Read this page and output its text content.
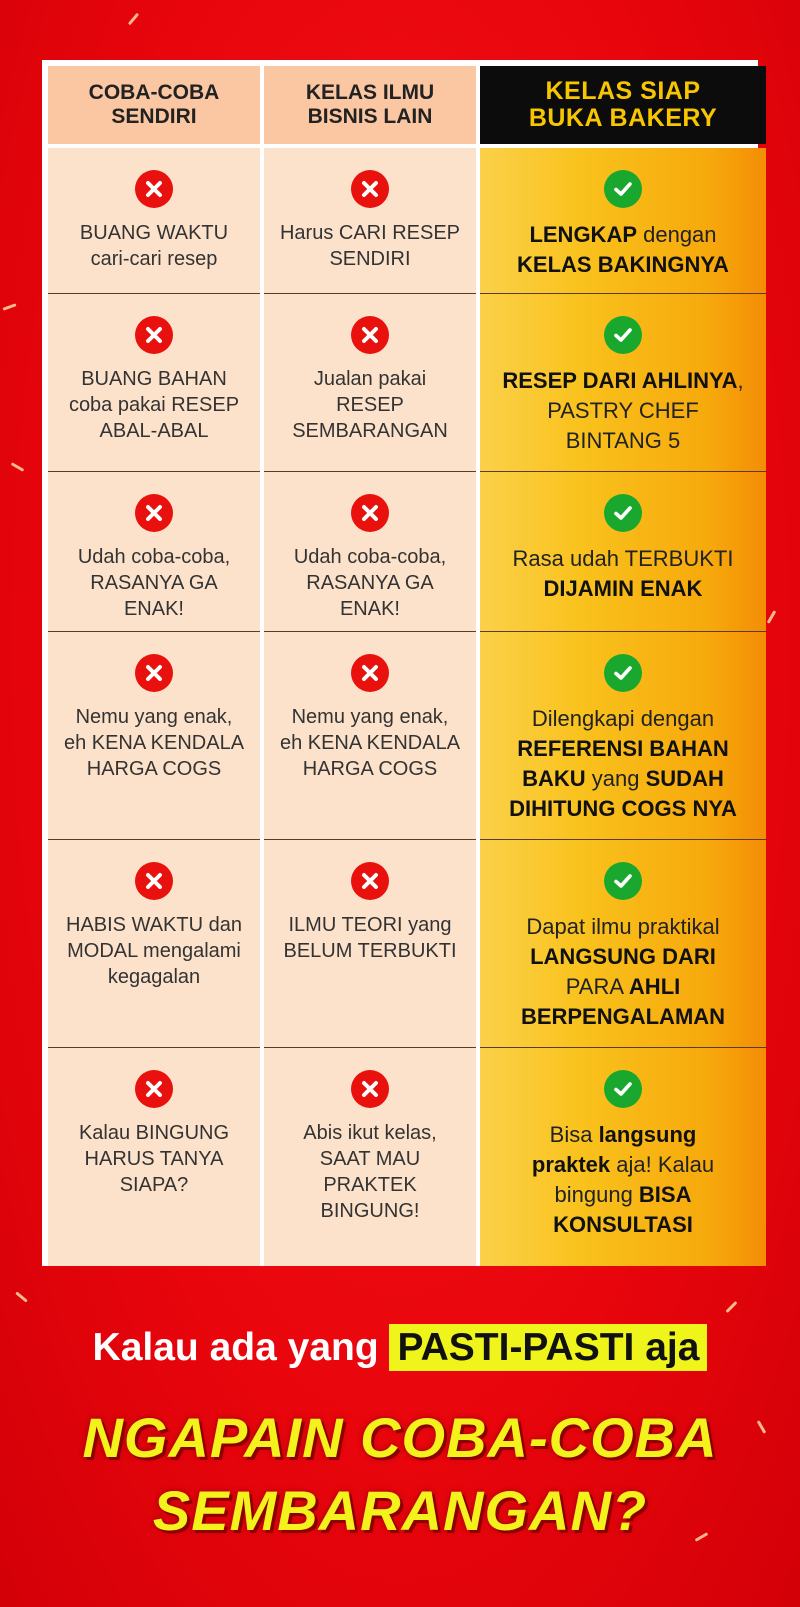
COBA-COBA
SENDIRI
KELAS ILMU
BISNIS LAIN
KELAS SIAP
BUKA BAKERY
BUANG WAKTU
cari-cari resep
Harus CARI RESEP
SENDIRI
LENGKAP dengan
KELAS BAKINGNYA
BUANG BAHAN
coba pakai RESEP
ABAL-ABAL
Jualan pakai
RESEP
SEMBARANGAN
RESEP DARI AHLINYA,
PASTRY CHEF
BINTANG 5
Udah coba-coba,
RASANYA GA
ENAK!
Udah coba-coba,
RASANYA GA
ENAK!
Rasa udah TERBUKTI
DIJAMIN ENAK
Nemu yang enak,
eh KENA KENDALA
HARGA COGS
Nemu yang enak,
eh KENA KENDALA
HARGA COGS
Dilengkapi dengan
REFERENSI BAHAN
BAKU yang SUDAH
DIHITUNG COGS NYA
HABIS WAKTU dan
MODAL mengalami
kegagalan
ILMU TEORI yang
BELUM TERBUKTI
Dapat ilmu praktikal
LANGSUNG DARI
PARA AHLI
BERPENGALAMAN
Kalau BINGUNG
HARUS TANYA
SIAPA?
Abis ikut kelas,
SAAT MAU
PRAKTEK
BINGUNG!
Bisa langsung
praktek aja! Kalau
bingung BISA
KONSULTASI
Kalau ada yang PASTI-PASTI aja
NGAPAIN COBA-COBA
SEMBARANGAN?
